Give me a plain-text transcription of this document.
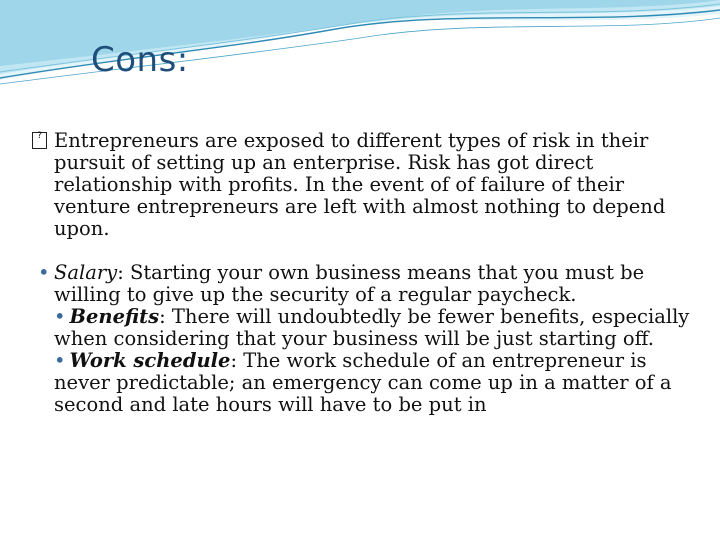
Cons:
? Entrepreneurs are exposed to different types of risk in their pursuit of setting up an enterprise. Risk has got direct relationship with profits. In the event of of failure of their venture entrepreneurs are left with almost nothing to depend upon.
• Salary: Starting your own business means that you must be willing to give up the security of a regular paycheck.
• Benefits: There will undoubtedly be fewer benefits, especially when considering that your business will be just starting off.
• Work schedule: The work schedule of an entrepreneur is never predictable; an emergency can come up in a matter of a second and late hours will have to be put in
